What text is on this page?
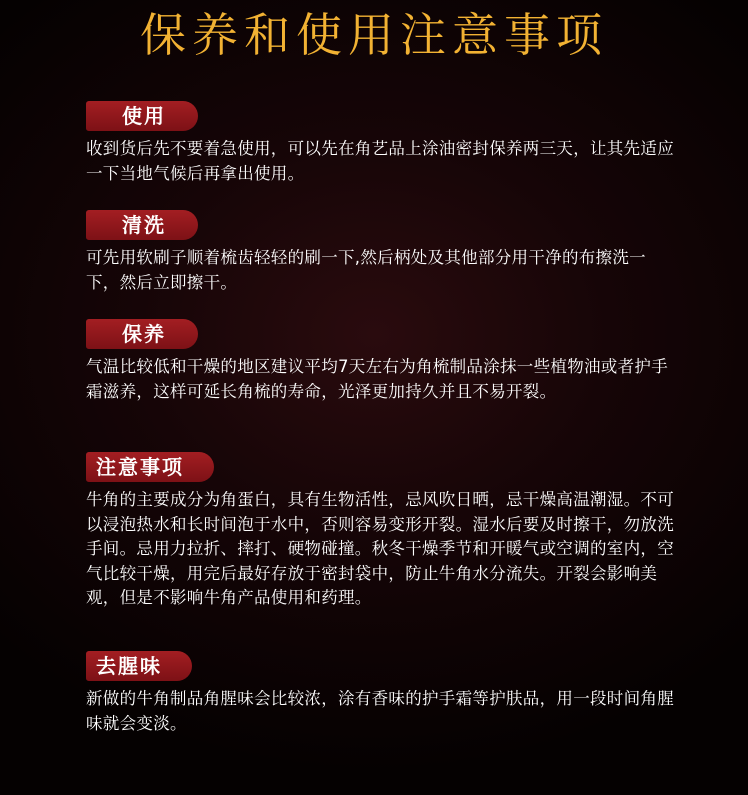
保养和使用注意事项
使用
收到货后先不要着急使用，可以先在角艺品上涂油密封保养两三天，让其先适应一下当地气候后再拿出使用。
清洗
可先用软刷子顺着梳齿轻轻的刷一下,然后柄处及其他部分用干净的布擦洗一下，然后立即擦干。
保养
气温比较低和干燥的地区建议平均7天左右为角梳制品涂抹一些植物油或者护手霜滋养，这样可延长角梳的寿命，光泽更加持久并且不易开裂。
注意事项
牛角的主要成分为角蛋白，具有生物活性，忌风吹日晒，忌干燥高温潮湿。不可以浸泡热水和长时间泡于水中，否则容易变形开裂。湿水后要及时擦干，勿放洗手间。忌用力拉折、摔打、硬物碰撞。秋冬干燥季节和开暖气或空调的室内，空气比较干燥，用完后最好存放于密封袋中，防止牛角水分流失。开裂会影响美观，但是不影响牛角产品使用和药理。
去腥味
新做的牛角制品角腥味会比较浓，涂有香味的护手霜等护肤品，用一段时间角腥味就会变淡。
